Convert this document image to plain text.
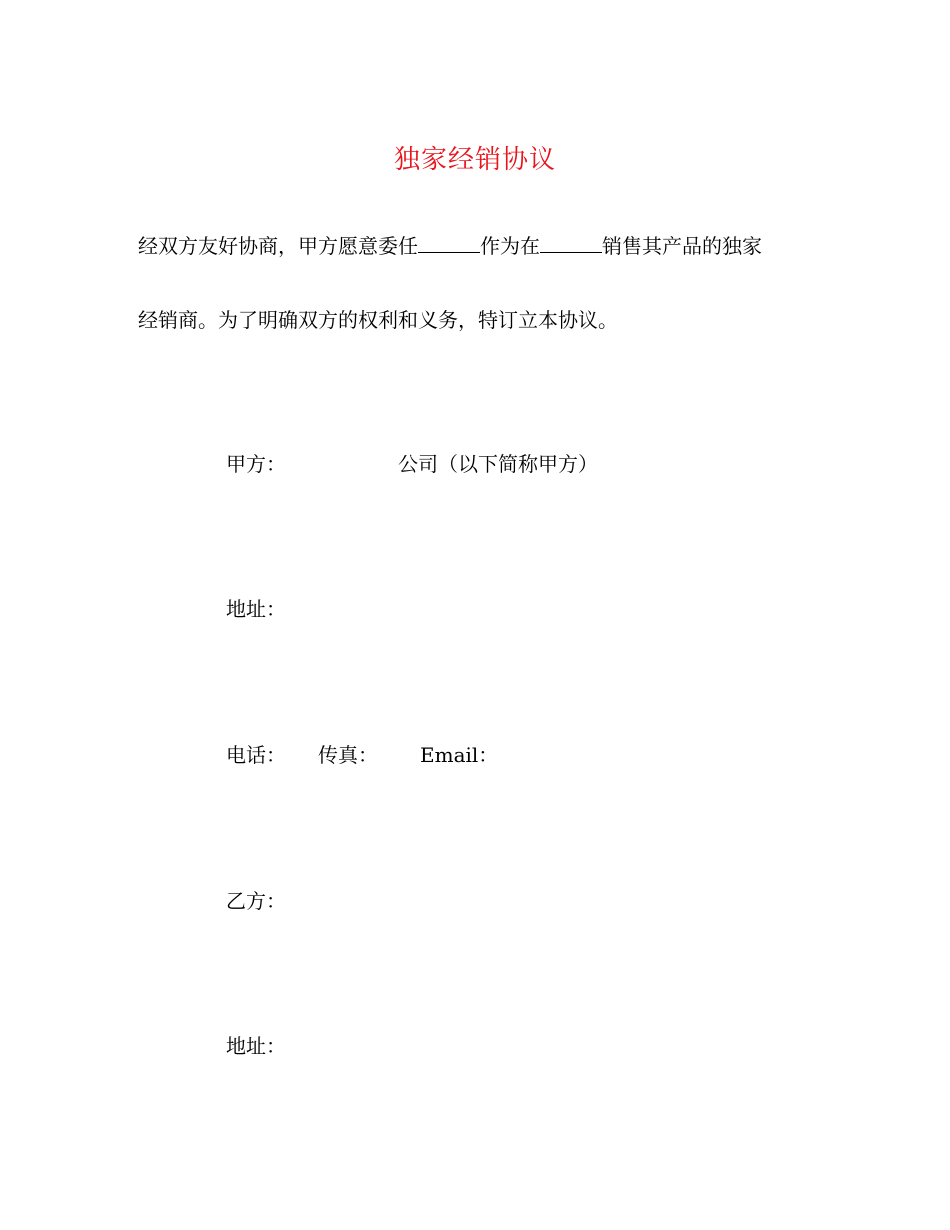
独家经销协议
经双方友好协商，甲方愿意委任	作为在	销售其产品的独家
经销商。为了明确双方的权利和义务，特订立本协议。
甲方：	公司（以下简称甲方）
地址：
电话： 传真： Email：
乙方：
地址：
